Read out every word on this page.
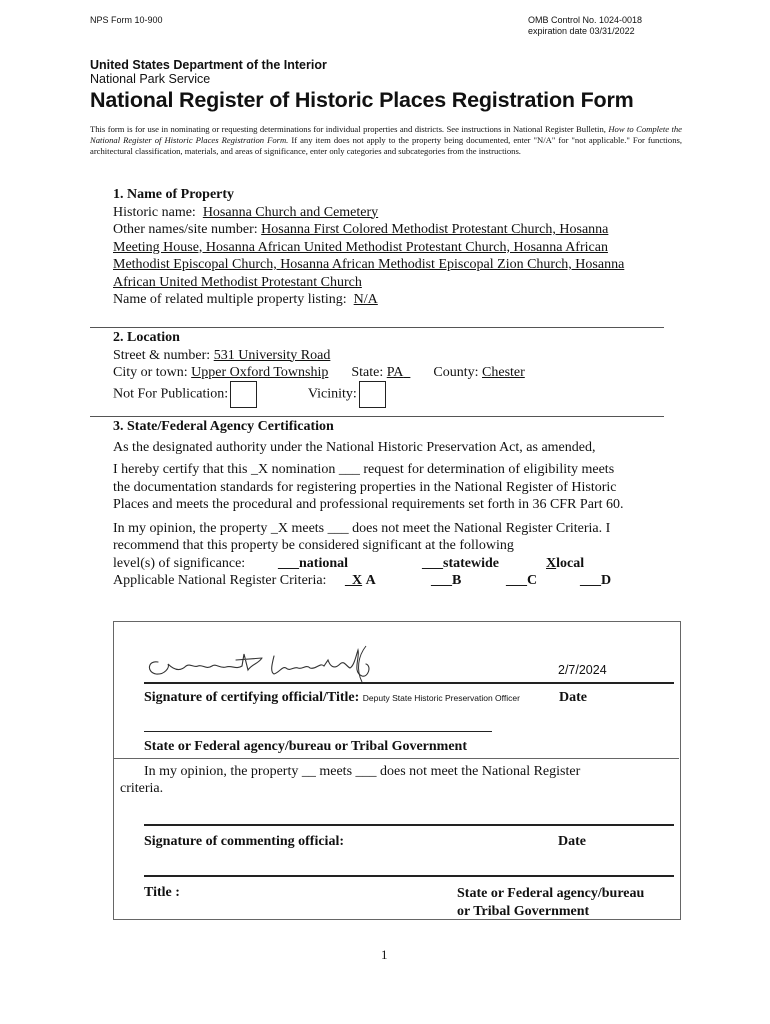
NPS Form 10-900	OMB Control No. 1024-0018
expiration date 03/31/2022
United States Department of the Interior
National Park Service
National Register of Historic Places Registration Form
This form is for use in nominating or requesting determinations for individual properties and districts. See instructions in National Register Bulletin, How to Complete the National Register of Historic Places Registration Form. If any item does not apply to the property being documented, enter "N/A" for "not applicable." For functions, architectural classification, materials, and areas of significance, enter only categories and subcategories from the instructions.
1. Name of Property
Historic name: Hosanna Church and Cemetery
Other names/site number: Hosanna First Colored Methodist Protestant Church, Hosanna
Meeting House, Hosanna African United Methodist Protestant Church, Hosanna African
Methodist Episcopal Church, Hosanna African Methodist Episcopal Zion Church, Hosanna
African United Methodist Protestant Church
Name of related multiple property listing: N/A
2. Location
Street & number: 531 University Road
City or town: Upper Oxford Township State: PA County: Chester
Not For Publication:	Vicinity:
3. State/Federal Agency Certification
As the designated authority under the National Historic Preservation Act, as amended,
I hereby certify that this _X nomination ___ request for determination of eligibility meets
the documentation standards for registering properties in the National Register of Historic
Places and meets the procedural and professional requirements set forth in 36 CFR Part 60.
In my opinion, the property _X meets ___ does not meet the National Register Criteria. I
recommend that this property be considered significant at the following
level(s) of significance: ___national	___statewide	Xlocal
Applicable National Register Criteria: _X A	___B	___C	___D
2/7/2024
Signature of certifying official/Title: Deputy State Historic Preservation Officer	Date
State or Federal agency/bureau or Tribal Government
In my opinion, the property __ meets ___ does not meet the National Register
criteria.
Signature of commenting official:	Date
Title :	State or Federal agency/bureau
or Tribal Government
1
